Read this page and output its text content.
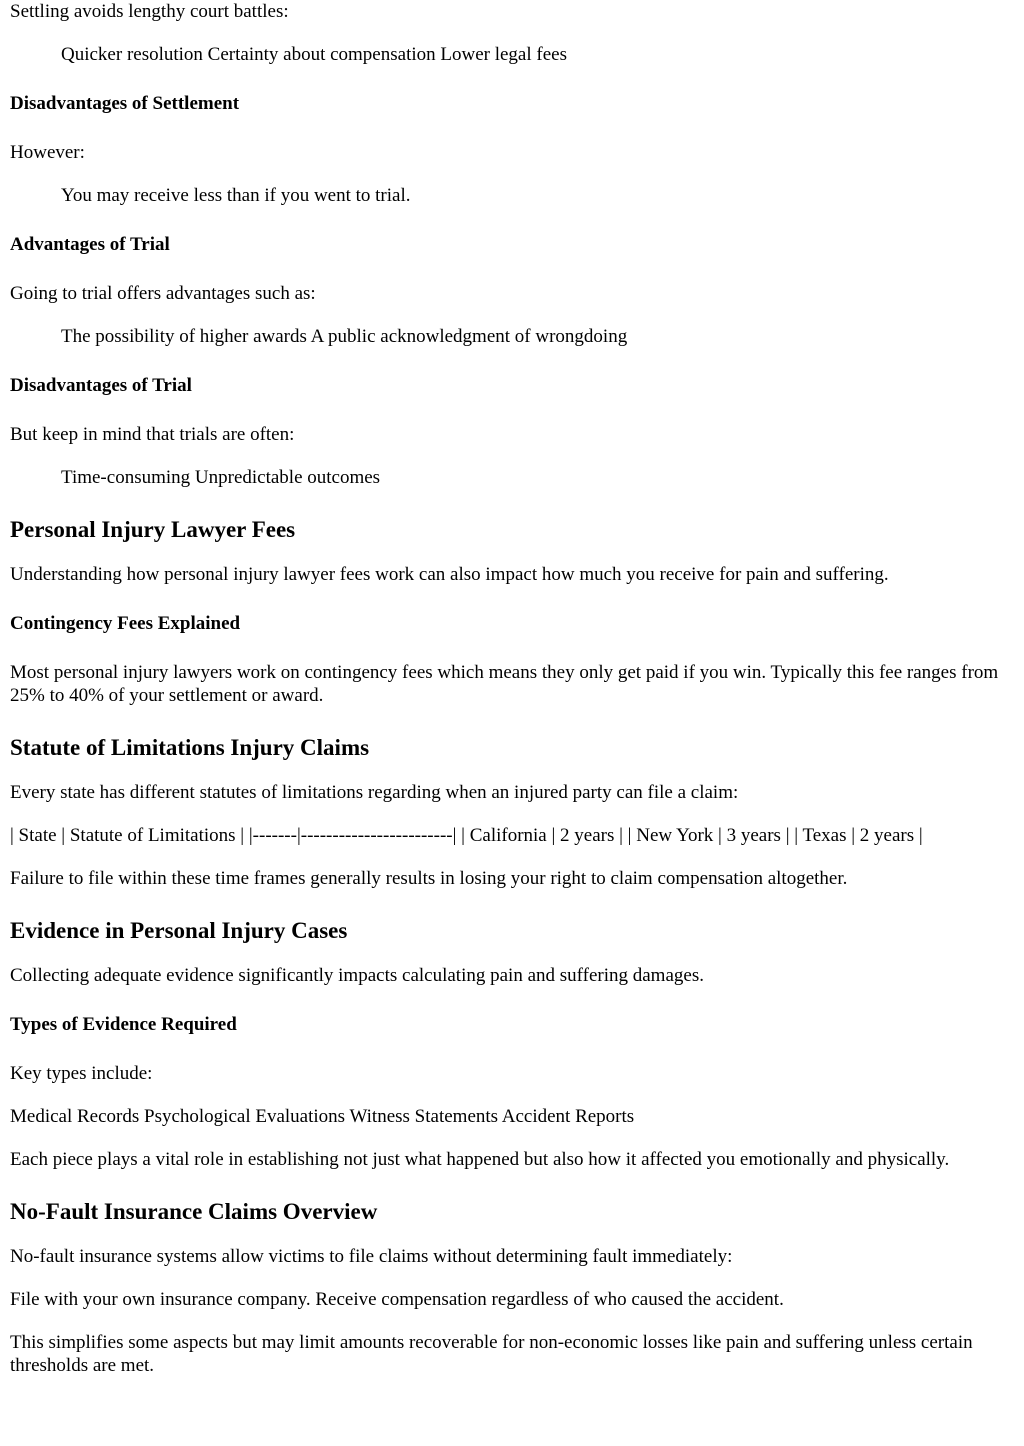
Settling avoids lengthy court battles:

Quicker resolution Certainty about compensation Lower legal fees

Disadvantages of Settlement

However:

You may receive less than if you went to trial.

Advantages of Trial

Going to trial offers advantages such as:

The possibility of higher awards A public acknowledgment of wrongdoing

Disadvantages of Trial

But keep in mind that trials are often:

Time-consuming Unpredictable outcomes

Personal Injury Lawyer Fees

Understanding how personal injury lawyer fees work can also impact how much you receive for pain and suffering.

Contingency Fees Explained

Most personal injury lawyers work on contingency fees which means they only get paid if you win. Typically this fee ranges from 25% to 40% of your settlement or award.

Statute of Limitations Injury Claims

Every state has different statutes of limitations regarding when an injured party can file a claim:

| State | Statute of Limitations | |-------|------------------------| | California | 2 years | | New York | 3 years | | Texas | 2 years |

Failure to file within these time frames generally results in losing your right to claim compensation altogether.

Evidence in Personal Injury Cases

Collecting adequate evidence significantly impacts calculating pain and suffering damages.

Types of Evidence Required

Key types include:

Medical Records Psychological Evaluations Witness Statements Accident Reports

Each piece plays a vital role in establishing not just what happened but also how it affected you emotionally and physically.

No-Fault Insurance Claims Overview

No-fault insurance systems allow victims to file claims without determining fault immediately:

File with your own insurance company. Receive compensation regardless of who caused the accident.

This simplifies some aspects but may limit amounts recoverable for non-economic losses like pain and suffering unless certain thresholds are met.
